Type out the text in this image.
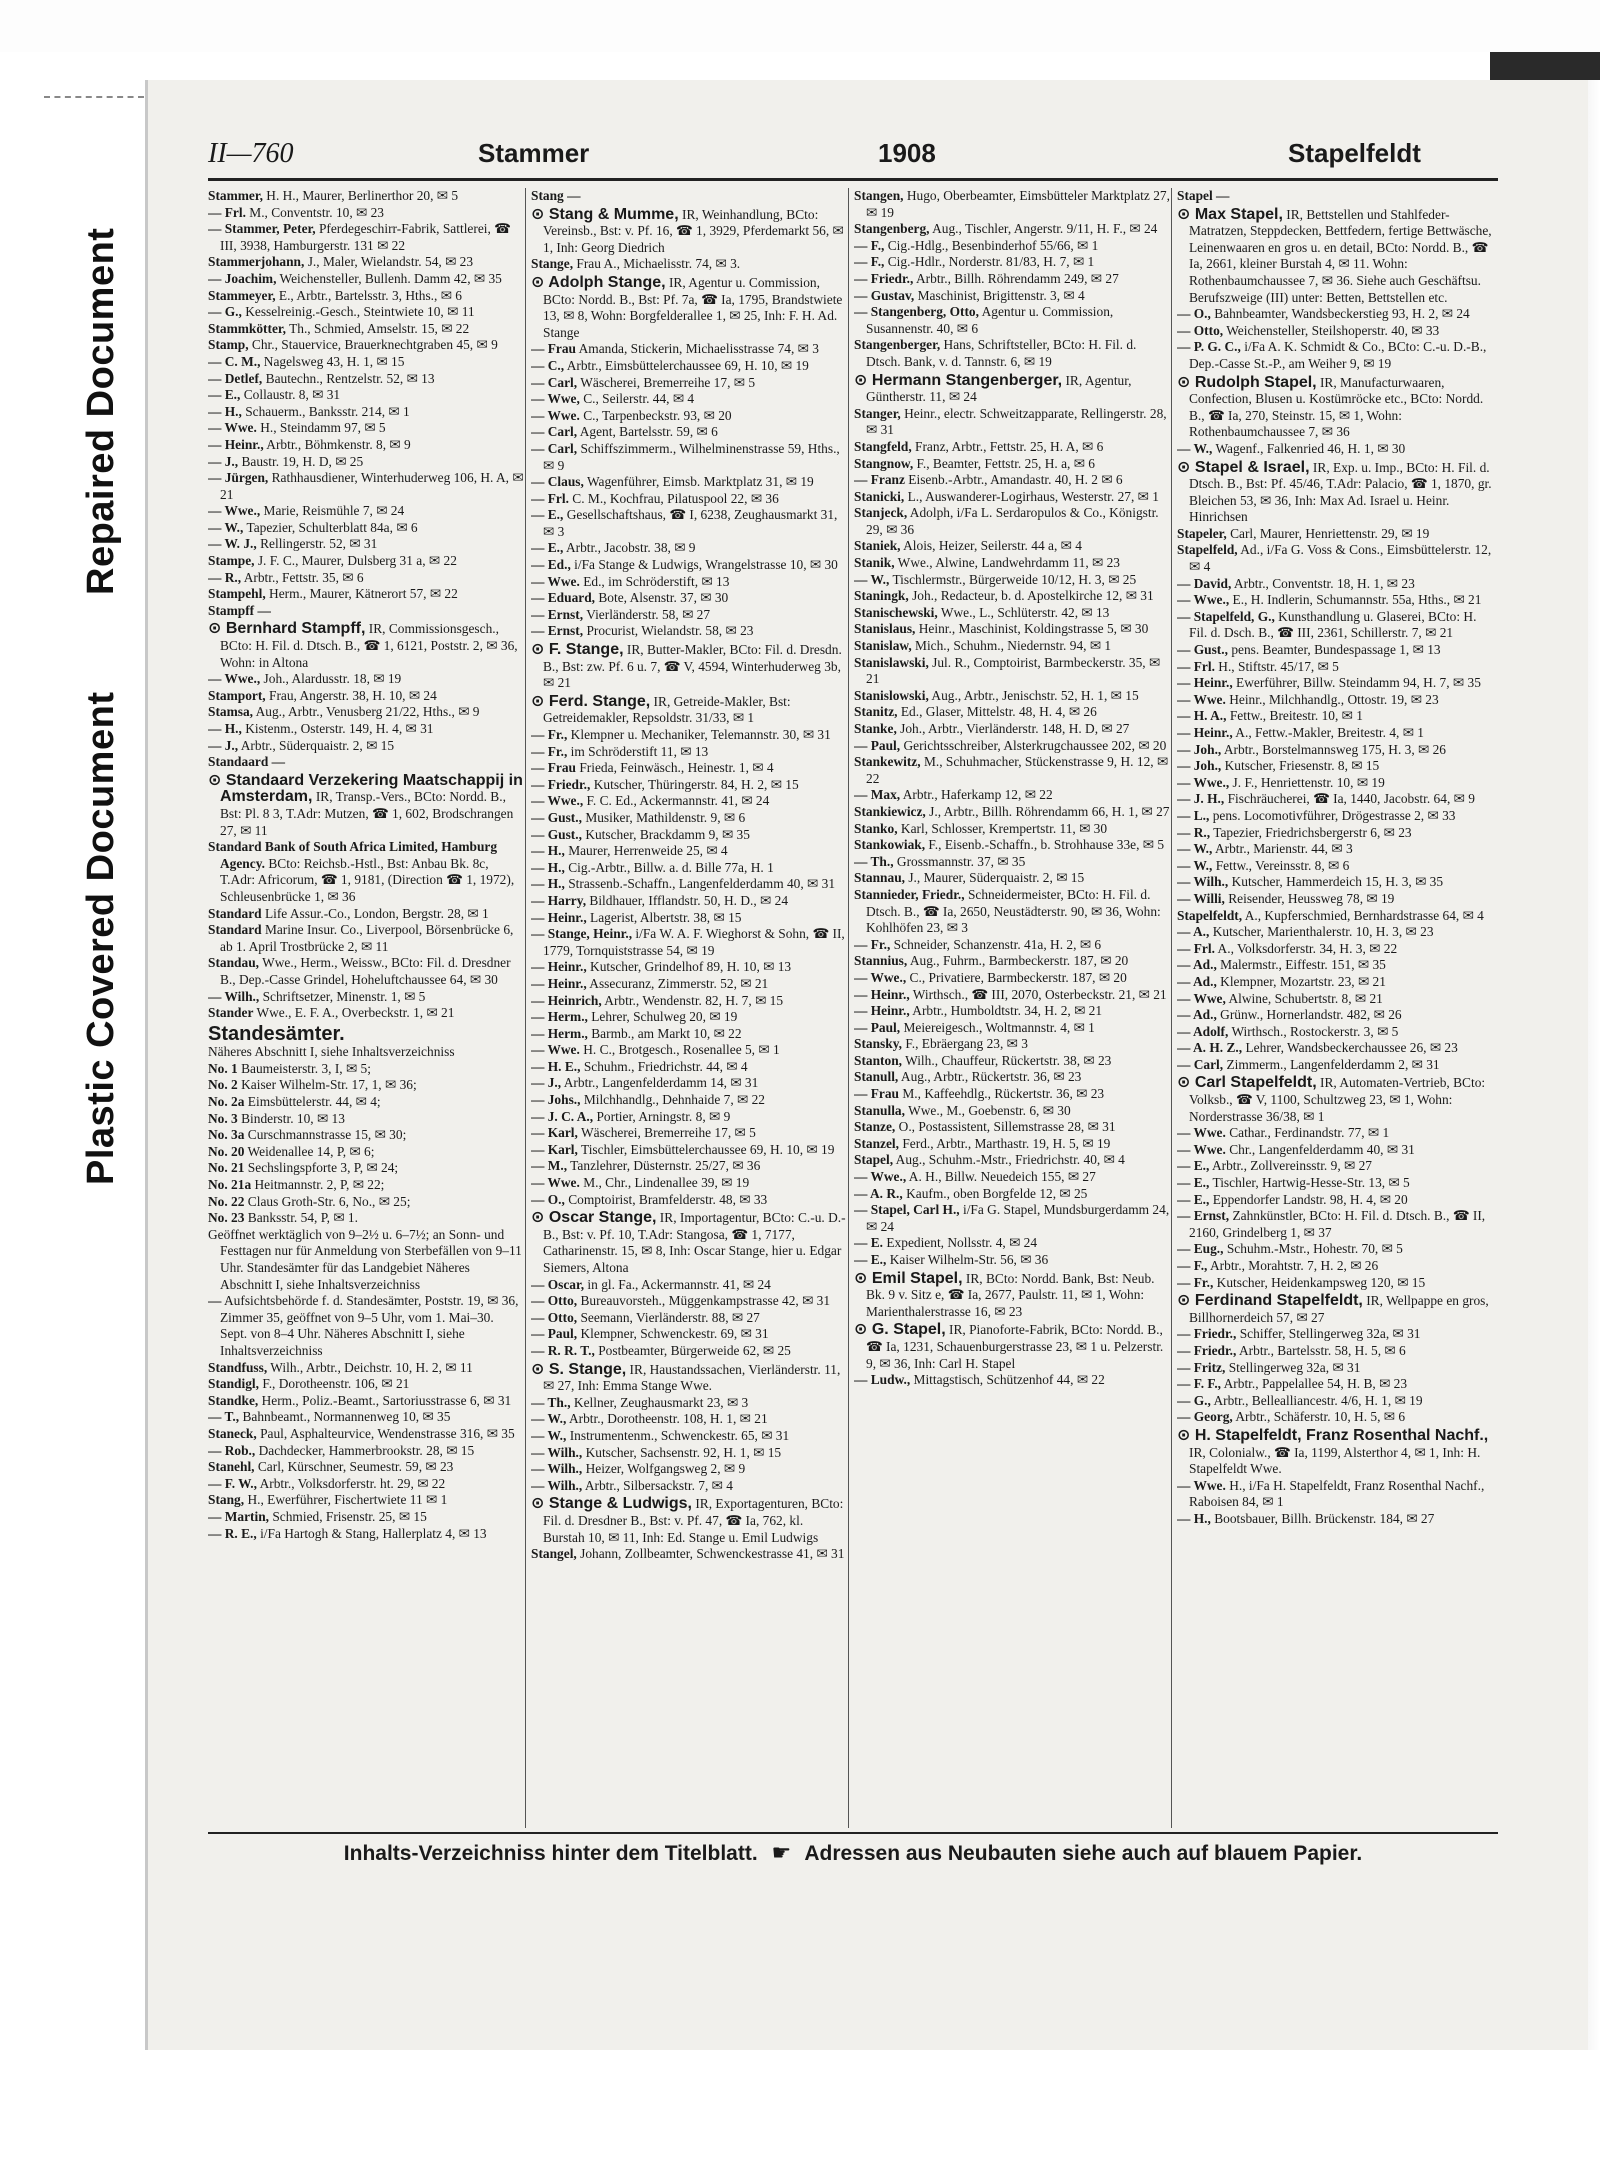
Repaired Document
Plastic Covered Document
II—760	Stammer	1908	Stapelfeldt
Stammer, H. H., Maurer, Berlinerthor 20, ✉ 5
— Frl. M., Conventstr. 10, ✉ 23
— Stammer, Peter, Pferdegeschirr-Fabrik, Sattlerei, ☎ III, 3938, Hamburgerstr. 131 ✉ 22
Stammerjohann, J., Maler, Wielandstr. 54, ✉ 23
— Joachim, Weichensteller, Bullenh. Damm 42, ✉ 35
Stammeyer, E., Arbtr., Bartelsstr. 3, Hths., ✉ 6
— G., Kesselreinig.-Gesch., Steintwiete 10, ✉ 11
Stammkötter, Th., Schmied, Amselstr. 15, ✉ 22
Stamp, Chr., Stauervice, Brauerknechtgraben 45, ✉ 9
— C. M., Nagelsweg 43, H. 1, ✉ 15
— Detlef, Bautechn., Rentzelstr. 52, ✉ 13
— E., Collaustr. 8, ✉ 31
— H., Schauerm., Banksstr. 214, ✉ 1
— Wwe. H., Steindamm 97, ✉ 5
— Heinr., Arbtr., Böhmkenstr. 8, ✉ 9
— J., Baustr. 19, H. D, ✉ 25
— Jürgen, Rathhausdiener, Winterhuderweg 106, H. A, ✉ 21
— Wwe., Marie, Reismühle 7, ✉ 24
— W., Tapezier, Schulterblatt 84a, ✉ 6
— W. J., Rellingerstr. 52, ✉ 31
Stampe, J. F. C., Maurer, Dulsberg 31 a, ✉ 22
— R., Arbtr., Fettstr. 35, ✉ 6
Stampehl, Herm., Maurer, Kätnerort 57, ✉ 22
Stampff —
⊙ Bernhard Stampff, IR, Commissionsgesch., BCto: H. Fil. d. Dtsch. B., ☎ 1, 6121, Poststr. 2, ✉ 36, Wohn: in Altona
— Wwe., Joh., Alardusstr. 18, ✉ 19
Stamport, Frau, Angerstr. 38, H. 10, ✉ 24
Stamsa, Aug., Arbtr., Venusberg 21/22, Hths., ✉ 9
— H., Kistenm., Osterstr. 149, H. 4, ✉ 31
— J., Arbtr., Süderquaistr. 2, ✉ 15
Standaard —
⊙ Standaard Verzekering Maatschappij in Amsterdam, IR, Transp.-Vers., BCto: Nordd. B., Bst: Pl. 8 3, T.Adr: Mutzen, ☎ 1, 602, Brodschrangen 27, ✉ 11
Standard Bank of South Africa Limited, Hamburg Agency. BCto: Reichsb.-Hstl., Bst: Anbau Bk. 8c, T.Adr: Africorum, ☎ 1, 9181, (Direction ☎ 1, 1972), Schleusenbrücke 1, ✉ 36
Standard Life Assur.-Co., London, Bergstr. 28, ✉ 1
Standard Marine Insur. Co., Liverpool, Börsenbrücke 6, ab 1. April Trostbrücke 2, ✉ 11
Standau, Wwe., Herm., Weissw., BCto: Fil. d. Dresdner B., Dep.-Casse Grindel, Hoheluftchaussee 64, ✉ 30
— Wilh., Schriftsetzer, Minenstr. 1, ✉ 5
Stander Wwe., E. F. A., Overbeckstr. 1, ✉ 21
Standesämter.
Näheres Abschnitt I, siehe Inhaltsverzeichniss
No. 1 Baumeisterstr. 3, I, ✉ 5;
No. 2 Kaiser Wilhelm-Str. 17, 1, ✉ 36;
No. 2a Eimsbüttelerstr. 44, ✉ 4;
No. 3 Binderstr. 10, ✉ 13
No. 3a Curschmannstrasse 15, ✉ 30;
No. 20 Weidenallee 14, P, ✉ 6;
No. 21 Sechslingspforte 3, P, ✉ 24;
No. 21a Heitmannstr. 2, P, ✉ 22;
No. 22 Claus Groth-Str. 6, No., ✉ 25;
No. 23 Banksstr. 54, P, ✉ 1.
Geöffnet werktäglich von 9–2½ u. 6–7½; an Sonn- und Festtagen nur für Anmeldung von Sterbefällen von 9–11 Uhr. Standesämter für das Landgebiet Näheres Abschnitt I, siehe Inhaltsverzeichniss
— Aufsichtsbehörde f. d. Standesämter, Poststr. 19, ✉ 36, Zimmer 35, geöffnet von 9–5 Uhr, vom 1. Mai–30. Sept. von 8–4 Uhr. Näheres Abschnitt I, siehe Inhaltsverzeichniss
Standfuss, Wilh., Arbtr., Deichstr. 10, H. 2, ✉ 11
Standigl, F., Dorotheenstr. 106, ✉ 21
Standke, Herm., Poliz.-Beamt., Sartoriusstrasse 6, ✉ 31
— T., Bahnbeamt., Normannenweg 10, ✉ 35
Staneck, Paul, Asphalteurvice, Wendenstrasse 316, ✉ 35
— Rob., Dachdecker, Hammerbrookstr. 28, ✉ 15
Stanehl, Carl, Kürschner, Seumestr. 59, ✉ 23
— F. W., Arbtr., Volksdorferstr. ht. 29, ✉ 22
Stang, H., Ewerführer, Fischertwiete 11 ✉ 1
— Martin, Schmied, Frisenstr. 25, ✉ 15
— R. E., i/Fa Hartogh & Stang, Hallerplatz 4, ✉ 13
Stang —
⊙ Stang & Mumme, IR, Weinhandlung, BCto: Vereinsb., Bst: v. Pf. 16, ☎ 1, 3929, Pferdemarkt 56, ✉ 1, Inh: Georg Diedrich
Stange, Frau A., Michaelisstr. 74, ✉ 3.
⊙ Adolph Stange, IR, Agentur u. Commission, BCto: Nordd. B., Bst: Pf. 7a, ☎ Ia, 1795, Brandstwiete 13, ✉ 8, Wohn: Borgfelderallee 1, ✉ 25, Inh: F. H. Ad. Stange
— Frau Amanda, Stickerin, Michaelisstrasse 74, ✉ 3
— C., Arbtr., Eimsbüttelerchaussee 69, H. 10, ✉ 19
— Carl, Wäscherei, Bremerreihe 17, ✉ 5
— Wwe, C., Seilerstr. 44, ✉ 4
— Wwe. C., Tarpenbeckstr. 93, ✉ 20
— Carl, Agent, Bartelsstr. 59, ✉ 6
— Carl, Schiffszimmerm., Wilhelminenstrasse 59, Hths., ✉ 9
— Claus, Wagenführer, Eimsb. Marktplatz 31, ✉ 19
— Frl. C. M., Kochfrau, Pilatuspool 22, ✉ 36
— E., Gesellschaftshaus, ☎ I, 6238, Zeughausmarkt 31, ✉ 3
— E., Arbtr., Jacobstr. 38, ✉ 9
— Ed., i/Fa Stange & Ludwigs, Wrangelstrasse 10, ✉ 30
— Wwe. Ed., im Schröderstift, ✉ 13
— Eduard, Bote, Alsenstr. 37, ✉ 30
— Ernst, Vierländerstr. 58, ✉ 27
— Ernst, Procurist, Wielandstr. 58, ✉ 23
⊙ F. Stange, IR, Butter-Makler, BCto: Fil. d. Dresdn. B., Bst: zw. Pf. 6 u. 7, ☎ V, 4594, Winterhuderweg 3b, ✉ 21
⊙ Ferd. Stange, IR, Getreide-Makler, Bst: Getreidemakler, Repsoldstr. 31/33, ✉ 1
— Fr., Klempner u. Mechaniker, Telemannstr. 30, ✉ 31
— Fr., im Schröderstift 11, ✉ 13
— Frau Frieda, Feinwäsch., Heinestr. 1, ✉ 4
— Friedr., Kutscher, Thüringerstr. 84, H. 2, ✉ 15
— Wwe., F. C. Ed., Ackermannstr. 41, ✉ 24
— Gust., Musiker, Mathildenstr. 9, ✉ 6
— Gust., Kutscher, Brackdamm 9, ✉ 35
— H., Maurer, Herrenweide 25, ✉ 4
— H., Cig.-Arbtr., Billw. a. d. Bille 77a, H. 1
— H., Strassenb.-Schaffn., Langenfelderdamm 40, ✉ 31
— Harry, Bildhauer, Ifflandstr. 50, H. D., ✉ 24
— Heinr., Lagerist, Albertstr. 38, ✉ 15
— Stange, Heinr., i/Fa W. A. F. Wieghorst & Sohn, ☎ II, 1779, Tornquiststrasse 54, ✉ 19
— Heinr., Kutscher, Grindelhof 89, H. 10, ✉ 13
— Heinr., Assecuranz, Zimmerstr. 52, ✉ 21
— Heinrich, Arbtr., Wendenstr. 82, H. 7, ✉ 15
— Herm., Lehrer, Schulweg 20, ✉ 19
— Herm., Barmb., am Markt 10, ✉ 22
— Wwe. H. C., Brotgesch., Rosenallee 5, ✉ 1
— H. E., Schuhm., Friedrichstr. 44, ✉ 4
— J., Arbtr., Langenfelderdamm 14, ✉ 31
— Johs., Milchhandlg., Dehnhaide 7, ✉ 22
— J. C. A., Portier, Arningstr. 8, ✉ 9
— Karl, Wäscherei, Bremerreihe 17, ✉ 5
— Karl, Tischler, Eimsbüttelerchaussee 69, H. 10, ✉ 19
— M., Tanzlehrer, Düsternstr. 25/27, ✉ 36
— Wwe. M., Chr., Lindenallee 39, ✉ 19
— O., Comptoirist, Bramfelderstr. 48, ✉ 33
⊙ Oscar Stange, IR, Importagentur, BCto: C.-u. D.-B., Bst: v. Pf. 10, T.Adr: Stangosa, ☎ 1, 7177, Catharinenstr. 15, ✉ 8, Inh: Oscar Stange, hier u. Edgar Siemers, Altona
— Oscar, in gl. Fa., Ackermannstr. 41, ✉ 24
— Otto, Bureauvorsteh., Müggenkampstrasse 42, ✉ 31
— Otto, Seemann, Vierländerstr. 88, ✉ 27
— Paul, Klempner, Schwenckestr. 69, ✉ 31
— R. R. T., Postbeamter, Bürgerweide 62, ✉ 25
⊙ S. Stange, IR, Haustandssachen, Vierländerstr. 11, ✉ 27, Inh: Emma Stange Wwe.
— Th., Kellner, Zeughausmarkt 23, ✉ 3
— W., Arbtr., Dorotheenstr. 108, H. 1, ✉ 21
— W., Instrumentenm., Schwenckestr. 65, ✉ 31
— Wilh., Kutscher, Sachsenstr. 92, H. 1, ✉ 15
— Wilh., Heizer, Wolfgangsweg 2, ✉ 9
— Wilh., Arbtr., Silbersackstr. 7, ✉ 4
⊙ Stange & Ludwigs, IR, Exportagenturen, BCto: Fil. d. Dresdner B., Bst: v. Pf. 47, ☎ Ia, 762, kl. Burstah 10, ✉ 11, Inh: Ed. Stange u. Emil Ludwigs
Stangel, Johann, Zollbeamter, Schwenckestrasse 41, ✉ 31
Stangen, Hugo, Oberbeamter, Eimsbütteler Marktplatz 27, ✉ 19
Stangenberg, Aug., Tischler, Angerstr. 9/11, H. F., ✉ 24
— F., Cig.-Hdlg., Besenbinderhof 55/66, ✉ 1
— F., Cig.-Hdlr., Norderstr. 81/83, H. 7, ✉ 1
— Friedr., Arbtr., Billh. Röhrendamm 249, ✉ 27
— Gustav, Maschinist, Brigittenstr. 3, ✉ 4
— Stangenberg, Otto, Agentur u. Commission, Susannenstr. 40, ✉ 6
Stangenberger, Hans, Schriftsteller, BCto: H. Fil. d. Dtsch. Bank, v. d. Tannstr. 6, ✉ 19
⊙ Hermann Stangenberger, IR, Agentur, Güntherstr. 11, ✉ 24
Stanger, Heinr., electr. Schweitzapparate, Rellingerstr. 28, ✉ 31
Stangfeld, Franz, Arbtr., Fettstr. 25, H. A, ✉ 6
Stangnow, F., Beamter, Fettstr. 25, H. a, ✉ 6
— Franz Eisenb.-Arbtr., Amandastr. 40, H. 2 ✉ 6
Stanicki, L., Auswanderer-Logirhaus, Westerstr. 27, ✉ 1
Stanjeck, Adolph, i/Fa L. Serdaropulos & Co., Königstr. 29, ✉ 36
Staniek, Alois, Heizer, Seilerstr. 44 a, ✉ 4
Stanik, Wwe., Alwine, Landwehrdamm 11, ✉ 23
— W., Tischlermstr., Bürgerweide 10/12, H. 3, ✉ 25
Staningk, Joh., Redacteur, b. d. Apostelkirche 12, ✉ 31
Stanischewski, Wwe., L., Schlüterstr. 42, ✉ 13
Stanislaus, Heinr., Maschinist, Koldingstrasse 5, ✉ 30
Stanislaw, Mich., Schuhm., Niedernstr. 94, ✉ 1
Stanislawski, Jul. R., Comptoirist, Barmbeckerstr. 35, ✉ 21
Stanislowski, Aug., Arbtr., Jenischstr. 52, H. 1, ✉ 15
Stanitz, Ed., Glaser, Mittelstr. 48, H. 4, ✉ 26
Stanke, Joh., Arbtr., Vierländerstr. 148, H. D, ✉ 27
— Paul, Gerichtsschreiber, Alsterkrugchaussee 202, ✉ 20
Stankewitz, M., Schuhmacher, Stückenstrasse 9, H. 12, ✉ 22
— Max, Arbtr., Haferkamp 12, ✉ 22
Stankiewicz, J., Arbtr., Billh. Röhrendamm 66, H. 1, ✉ 27
Stanko, Karl, Schlosser, Krempertstr. 11, ✉ 30
Stankowiak, F., Eisenb.-Schaffn., b. Strohhause 33e, ✉ 5
— Th., Grossmannstr. 37, ✉ 35
Stannau, J., Maurer, Süderquaistr. 2, ✉ 15
Stannieder, Friedr., Schneidermeister, BCto: H. Fil. d. Dtsch. B., ☎ Ia, 2650, Neustädterstr. 90, ✉ 36, Wohn: Kohlhöfen 23, ✉ 3
— Fr., Schneider, Schanzenstr. 41a, H. 2, ✉ 6
Stannius, Aug., Fuhrm., Barmbeckerstr. 187, ✉ 20
— Wwe., C., Privatiere, Barmbeckerstr. 187, ✉ 20
— Heinr., Wirthsch., ☎ III, 2070, Osterbeckstr. 21, ✉ 21
— Heinr., Arbtr., Humboldtstr. 34, H. 2, ✉ 21
— Paul, Meiereigesch., Woltmannstr. 4, ✉ 1
Stansky, F., Ebräergang 23, ✉ 3
Stanton, Wilh., Chauffeur, Rückertstr. 38, ✉ 23
Stanull, Aug., Arbtr., Rückertstr. 36, ✉ 23
— Frau M., Kaffeehdlg., Rückertstr. 36, ✉ 23
Stanulla, Wwe., M., Goebenstr. 6, ✉ 30
Stanze, O., Postassistent, Sillemstrasse 28, ✉ 31
Stanzel, Ferd., Arbtr., Marthastr. 19, H. 5, ✉ 19
Stapel, Aug., Schuhm.-Mstr., Friedrichstr. 40, ✉ 4
— Wwe., A. H., Billw. Neuedeich 155, ✉ 27
— A. R., Kaufm., oben Borgfelde 12, ✉ 25
— Stapel, Carl H., i/Fa G. Stapel, Mundsburgerdamm 24, ✉ 24
— E. Expedient, Nollsstr. 4, ✉ 24
— E., Kaiser Wilhelm-Str. 56, ✉ 36
⊙ Emil Stapel, IR, BCto: Nordd. Bank, Bst: Neub. Bk. 9 v. Sitz e, ☎ Ia, 2677, Paulstr. 11, ✉ 1, Wohn: Marienthalerstrasse 16, ✉ 23
⊙ G. Stapel, IR, Pianoforte-Fabrik, BCto: Nordd. B., ☎ Ia, 1231, Schauenburgerstrasse 23, ✉ 1 u. Pelzerstr. 9, ✉ 36, Inh: Carl H. Stapel
— Ludw., Mittagstisch, Schützenhof 44, ✉ 22
Stapel —
⊙ Max Stapel, IR, Bettstellen und Stahlfeder-Matratzen, Steppdecken, Bettfedern, fertige Bettwäsche, Leinenwaaren en gros u. en detail, BCto: Nordd. B., ☎ Ia, 2661, kleiner Burstah 4, ✉ 11. Wohn: Rothenbaumchaussee 7, ✉ 36. Siehe auch Geschäftsu. Berufszweige (III) unter: Betten, Bettstellen etc.
— O., Bahnbeamter, Wandsbeckerstieg 93, H. 2, ✉ 24
— Otto, Weichensteller, Steilshoperstr. 40, ✉ 33
— P. G. C., i/Fa A. K. Schmidt & Co., BCto: C.-u. D.-B., Dep.-Casse St.-P., am Weiher 9, ✉ 19
⊙ Rudolph Stapel, IR, Manufacturwaaren, Confection, Blusen u. Kostümröcke etc., BCto: Nordd. B., ☎ Ia, 270, Steinstr. 15, ✉ 1, Wohn: Rothenbaumchaussee 7, ✉ 36
— W., Wagenf., Falkenried 46, H. 1, ✉ 30
⊙ Stapel & Israel, IR, Exp. u. Imp., BCto: H. Fil. d. Dtsch. B., Bst: Pf. 45/46, T.Adr: Palacio, ☎ 1, 1870, gr. Bleichen 53, ✉ 36, Inh: Max Ad. Israel u. Heinr. Hinrichsen
Stapeler, Carl, Maurer, Henriettenstr. 29, ✉ 19
Stapelfeld, Ad., i/Fa G. Voss & Cons., Eimsbüttelerstr. 12, ✉ 4
— David, Arbtr., Conventstr. 18, H. 1, ✉ 23
— Wwe., E., H. Indlerin, Schumannstr. 55a, Hths., ✉ 21
— Stapelfeld, G., Kunsthandlung u. Glaserei, BCto: H. Fil. d. Dsch. B., ☎ III, 2361, Schillerstr. 7, ✉ 21
— Gust., pens. Beamter, Bundespassage 1, ✉ 13
— Frl. H., Stiftstr. 45/17, ✉ 5
— Heinr., Ewerführer, Billw. Steindamm 94, H. 7, ✉ 35
— Wwe. Heinr., Milchhandlg., Ottostr. 19, ✉ 23
— H. A., Fettw., Breitestr. 10, ✉ 1
— Heinr., A., Fettw.-Makler, Breitestr. 4, ✉ 1
— Joh., Arbtr., Borstelmannsweg 175, H. 3, ✉ 26
— Joh., Kutscher, Friesenstr. 8, ✉ 15
— Wwe., J. F., Henriettenstr. 10, ✉ 19
— J. H., Fischräucherei, ☎ Ia, 1440, Jacobstr. 64, ✉ 9
— L., pens. Locomotivführer, Drögestrasse 2, ✉ 33
— R., Tapezier, Friedrichsbergerstr 6, ✉ 23
— W., Arbtr., Marienstr. 44, ✉ 3
— W., Fettw., Vereinsstr. 8, ✉ 6
— Wilh., Kutscher, Hammerdeich 15, H. 3, ✉ 35
— Willi, Reisender, Heussweg 78, ✉ 19
Stapelfeldt, A., Kupferschmied, Bernhardstrasse 64, ✉ 4
— A., Kutscher, Marienthalerstr. 10, H. 3, ✉ 23
— Frl. A., Volksdorferstr. 34, H. 3, ✉ 22
— Ad., Malermstr., Eiffestr. 151, ✉ 35
— Ad., Klempner, Mozartstr. 23, ✉ 21
— Wwe, Alwine, Schubertstr. 8, ✉ 21
— Ad., Grünw., Hornerlandstr. 482, ✉ 26
— Adolf, Wirthsch., Rostockerstr. 3, ✉ 5
— A. H. Z., Lehrer, Wandsbeckerchaussee 26, ✉ 23
— Carl, Zimmerm., Langenfelderdamm 2, ✉ 31
⊙ Carl Stapelfeldt, IR, Automaten-Vertrieb, BCto: Volksb., ☎ V, 1100, Schultzweg 23, ✉ 1, Wohn: Norderstrasse 36/38, ✉ 1
— Wwe. Cathar., Ferdinandstr. 77, ✉ 1
— Wwe. Chr., Langenfelderdamm 40, ✉ 31
— E., Arbtr., Zollvereinsstr. 9, ✉ 27
— E., Tischler, Hartwig-Hesse-Str. 13, ✉ 5
— E., Eppendorfer Landstr. 98, H. 4, ✉ 20
— Ernst, Zahnkünstler, BCto: H. Fil. d. Dtsch. B., ☎ II, 2160, Grindelberg 1, ✉ 37
— Eug., Schuhm.-Mstr., Hohestr. 70, ✉ 5
— F., Arbtr., Morahtstr. 7, H. 2, ✉ 26
— Fr., Kutscher, Heidenkampsweg 120, ✉ 15
⊙ Ferdinand Stapelfeldt, IR, Wellpappe en gros, Billhornerdeich 57, ✉ 27
— Friedr., Schiffer, Stellingerweg 32a, ✉ 31
— Friedr., Arbtr., Bartelsstr. 58, H. 5, ✉ 6
— Fritz, Stellingerweg 32a, ✉ 31
— F. F., Arbtr., Pappelallee 54, H. B, ✉ 23
— G., Arbtr., Bellealliancestr. 4/6, H. 1, ✉ 19
— Georg, Arbtr., Schäferstr. 10, H. 5, ✉ 6
⊙ H. Stapelfeldt, Franz Rosenthal Nachf., IR, Colonialw., ☎ Ia, 1199, Alsterthor 4, ✉ 1, Inh: H. Stapelfeldt Wwe.
— Wwe. H., i/Fa H. Stapelfeldt, Franz Rosenthal Nachf., Raboisen 84, ✉ 1
— H., Bootsbauer, Billh. Brückenstr. 184, ✉ 27
Inhalts-Verzeichniss hinter dem Titelblatt. ☛ Adressen aus Neubauten siehe auch auf blauem Papier.
